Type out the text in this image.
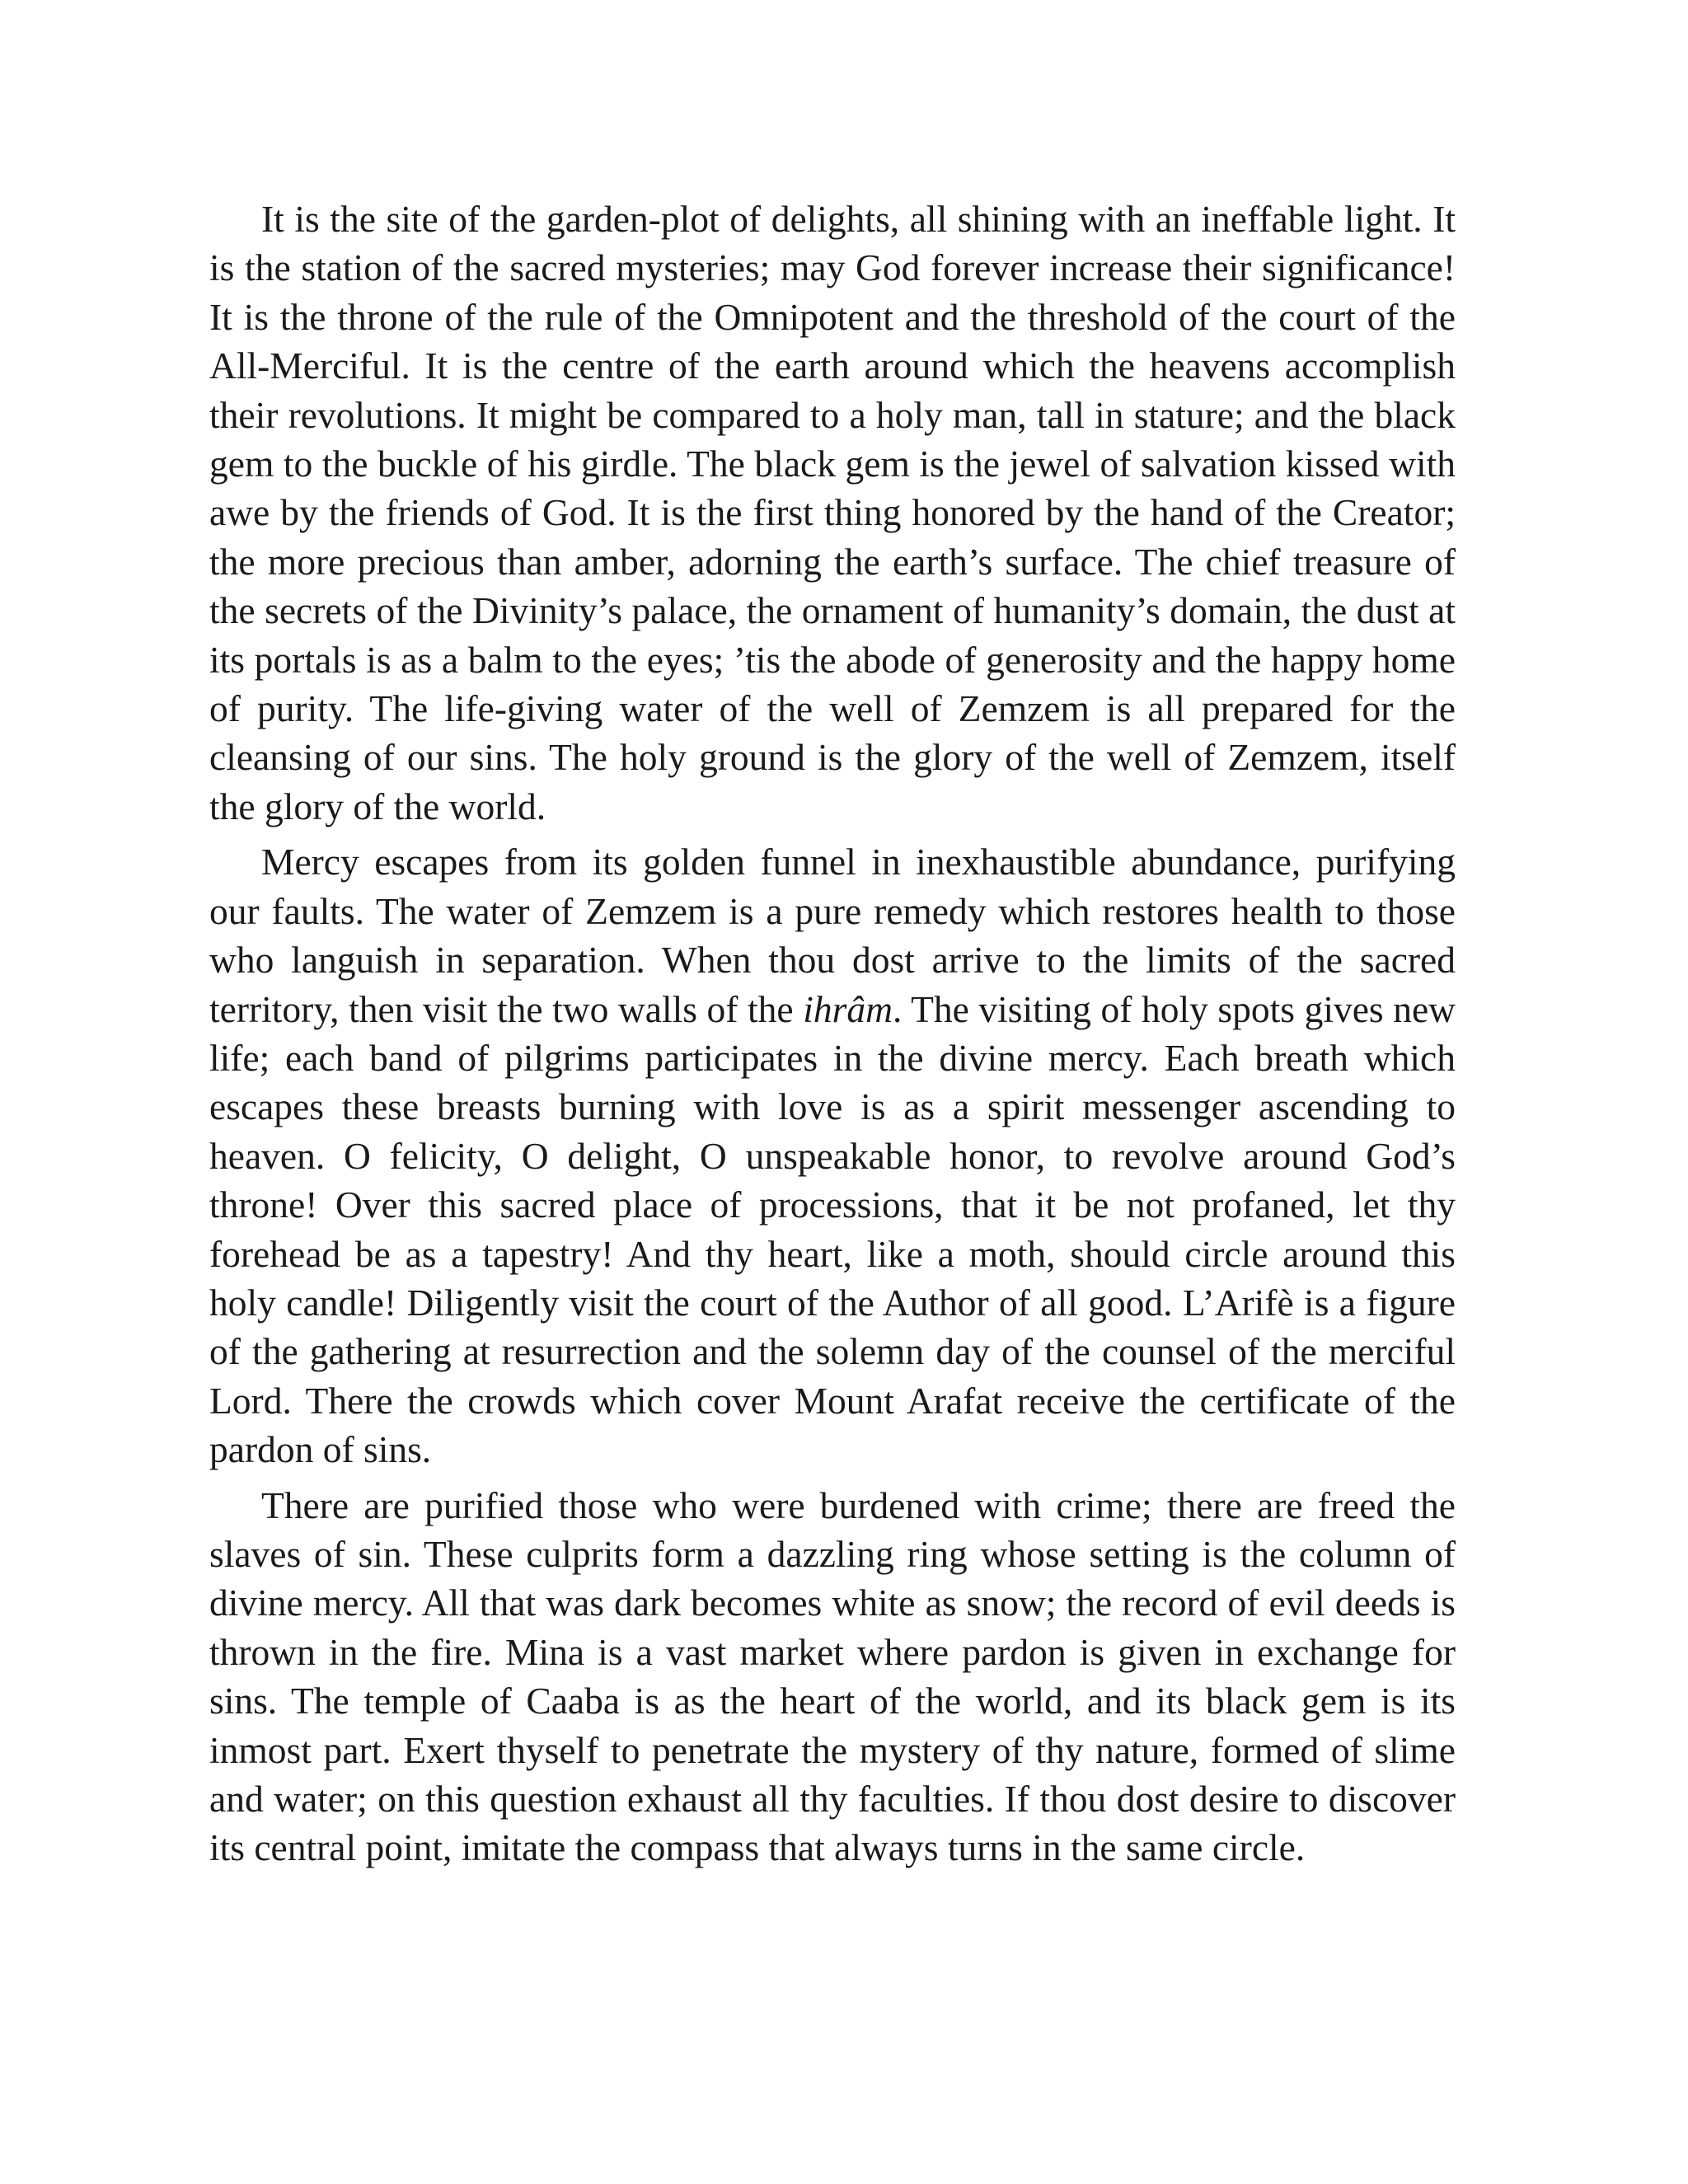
It is the site of the garden-plot of delights, all shining with an ineffable light. It is the station of the sacred mysteries; may God forever increase their significance! It is the throne of the rule of the Omnipotent and the threshold of the court of the All-Merciful. It is the centre of the earth around which the heavens accomplish their revolutions. It might be compared to a holy man, tall in stature; and the black gem to the buckle of his girdle. The black gem is the jewel of salvation kissed with awe by the friends of God. It is the first thing honored by the hand of the Creator; the more precious than amber, adorning the earth’s surface. The chief treasure of the secrets of the Divinity’s palace, the ornament of humanity’s domain, the dust at its portals is as a balm to the eyes; ’tis the abode of generosity and the happy home of purity. The life-giving water of the well of Zemzem is all prepared for the cleansing of our sins. The holy ground is the glory of the well of Zemzem, itself the glory of the world.

Mercy escapes from its golden funnel in inexhaustible abundance, purifying our faults. The water of Zemzem is a pure remedy which restores health to those who languish in separation. When thou dost arrive to the limits of the sacred territory, then visit the two walls of the ihrâm. The visiting of holy spots gives new life; each band of pilgrims participates in the divine mercy. Each breath which escapes these breasts burning with love is as a spirit messenger ascending to heaven. O felicity, O delight, O unspeakable honor, to revolve around God’s throne! Over this sacred place of processions, that it be not profaned, let thy forehead be as a tapestry! And thy heart, like a moth, should circle around this holy candle! Diligently visit the court of the Author of all good. L’Arifè is a figure of the gathering at resurrection and the solemn day of the counsel of the merciful Lord. There the crowds which cover Mount Arafat receive the certificate of the pardon of sins.

There are purified those who were burdened with crime; there are freed the slaves of sin. These culprits form a dazzling ring whose setting is the column of divine mercy. All that was dark becomes white as snow; the record of evil deeds is thrown in the fire. Mina is a vast market where pardon is given in exchange for sins. The temple of Caaba is as the heart of the world, and its black gem is its inmost part. Exert thyself to penetrate the mystery of thy nature, formed of slime and water; on this question exhaust all thy faculties. If thou dost desire to discover its central point, imitate the compass that always turns in the same circle.
